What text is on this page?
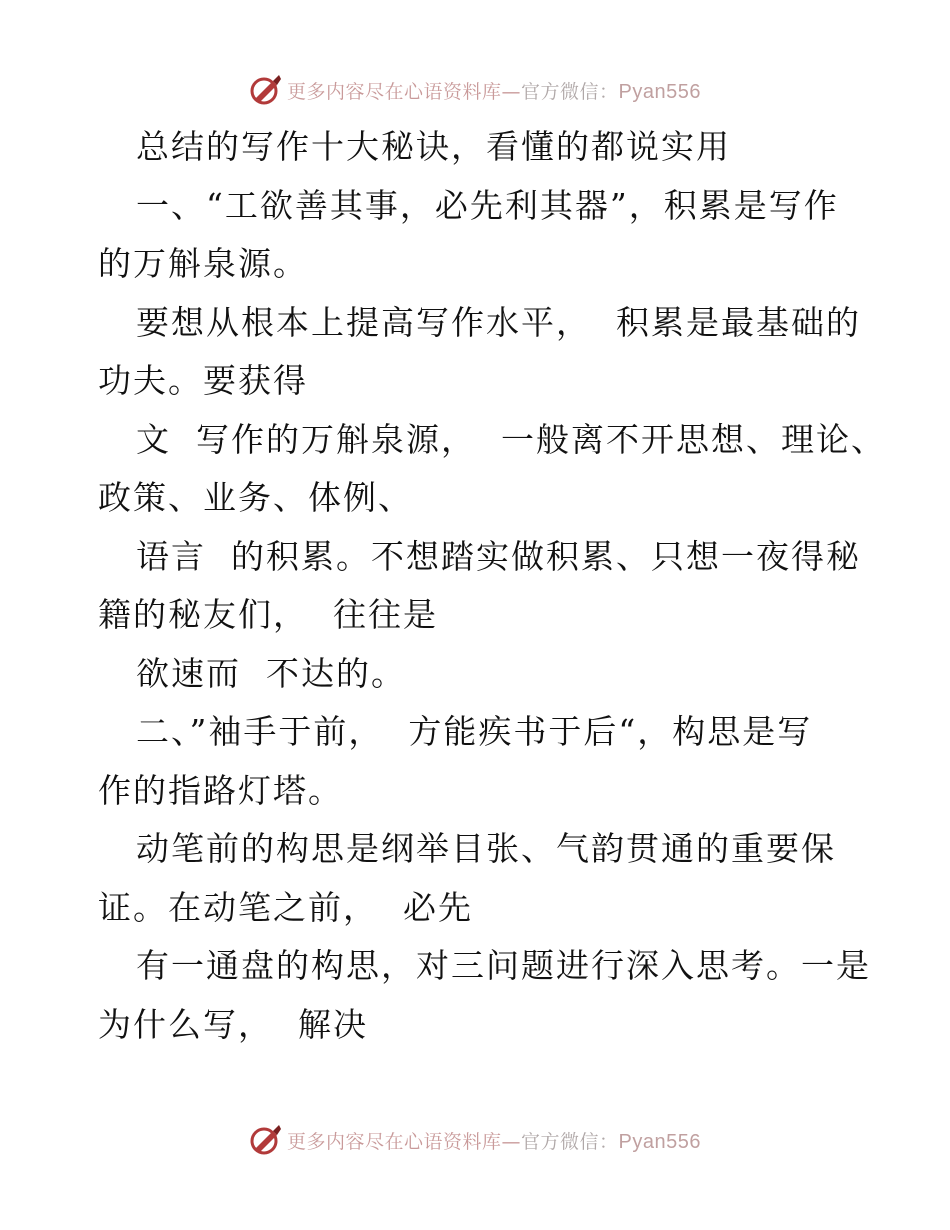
更多内容尽在心语资料库—官方微信：Pyan556
总结的写作十大秘诀，看懂的都说实用
一、“工欲善其事，必先利其器”，积累是写作
的万斛泉源。
要想从根本上提高写作水平，  积累是最基础的
功夫。要获得
文  写作的万斛泉源，  一般离不开思想、理论、
政策、业务、体例、
语言  的积累。不想踏实做积累、只想一夜得秘
籍的秘友们，  往往是
欲速而  不达的。
二、”袖手于前，  方能疾书于后“，构思是写
作的指路灯塔。
动笔前的构思是纲举目张、气韵贯通的重要保
证。在动笔之前，  必先
有一通盘的构思，对三问题进行深入思考。一是
为什么写，  解决
更多内容尽在心语资料库—官方微信：Pyan556
